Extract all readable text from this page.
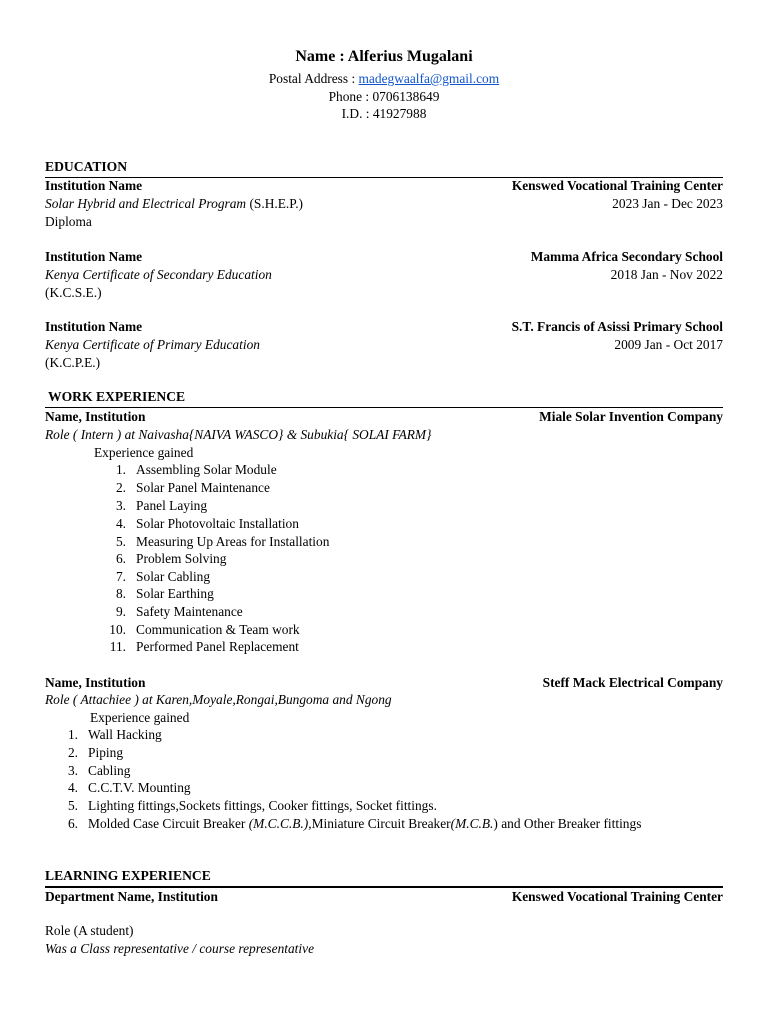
Name : Alferius Mugalani
Postal Address : madegwaalfa@gmail.com
Phone : 0706138649
I.D. : 41927988
EDUCATION
Institution Name	Kenswed Vocational Training Center
Solar Hybrid and Electrical Program (S.H.E.P.)	2023 Jan - Dec 2023
Diploma
Institution Name	Mamma Africa Secondary School
Kenya Certificate of Secondary Education	2018 Jan - Nov 2022
(K.C.S.E.)
Institution Name	S.T. Francis of Asissi Primary School
Kenya Certificate of Primary Education	2009 Jan - Oct 2017
(K.C.P.E.)
WORK EXPERIENCE
Name, Institution	Miale Solar Invention Company
Role ( Intern ) at Naivasha{NAIVA WASCO} & Subukia{ SOLAI FARM}
Experience gained
1. Assembling Solar Module
2. Solar Panel Maintenance
3. Panel Laying
4. Solar Photovoltaic Installation
5. Measuring Up Areas for Installation
6. Problem Solving
7. Solar Cabling
8. Solar Earthing
9. Safety Maintenance
10. Communication & Team work
11. Performed Panel Replacement
Name, Institution	Steff Mack Electrical Company
Role ( Attachiee ) at Karen,Moyale,Rongai,Bungoma and Ngong
Experience gained
1. Wall Hacking
2. Piping
3. Cabling
4. C.C.T.V. Mounting
5. Lighting fittings,Sockets fittings, Cooker fittings, Socket fittings.
6. Molded Case Circuit Breaker (M.C.C.B.),Miniature Circuit Breaker(M.C.B.) and Other Breaker fittings
LEARNING EXPERIENCE
Department Name, Institution	Kenswed Vocational Training Center
Role (A student)
Was a Class representative / course representative
